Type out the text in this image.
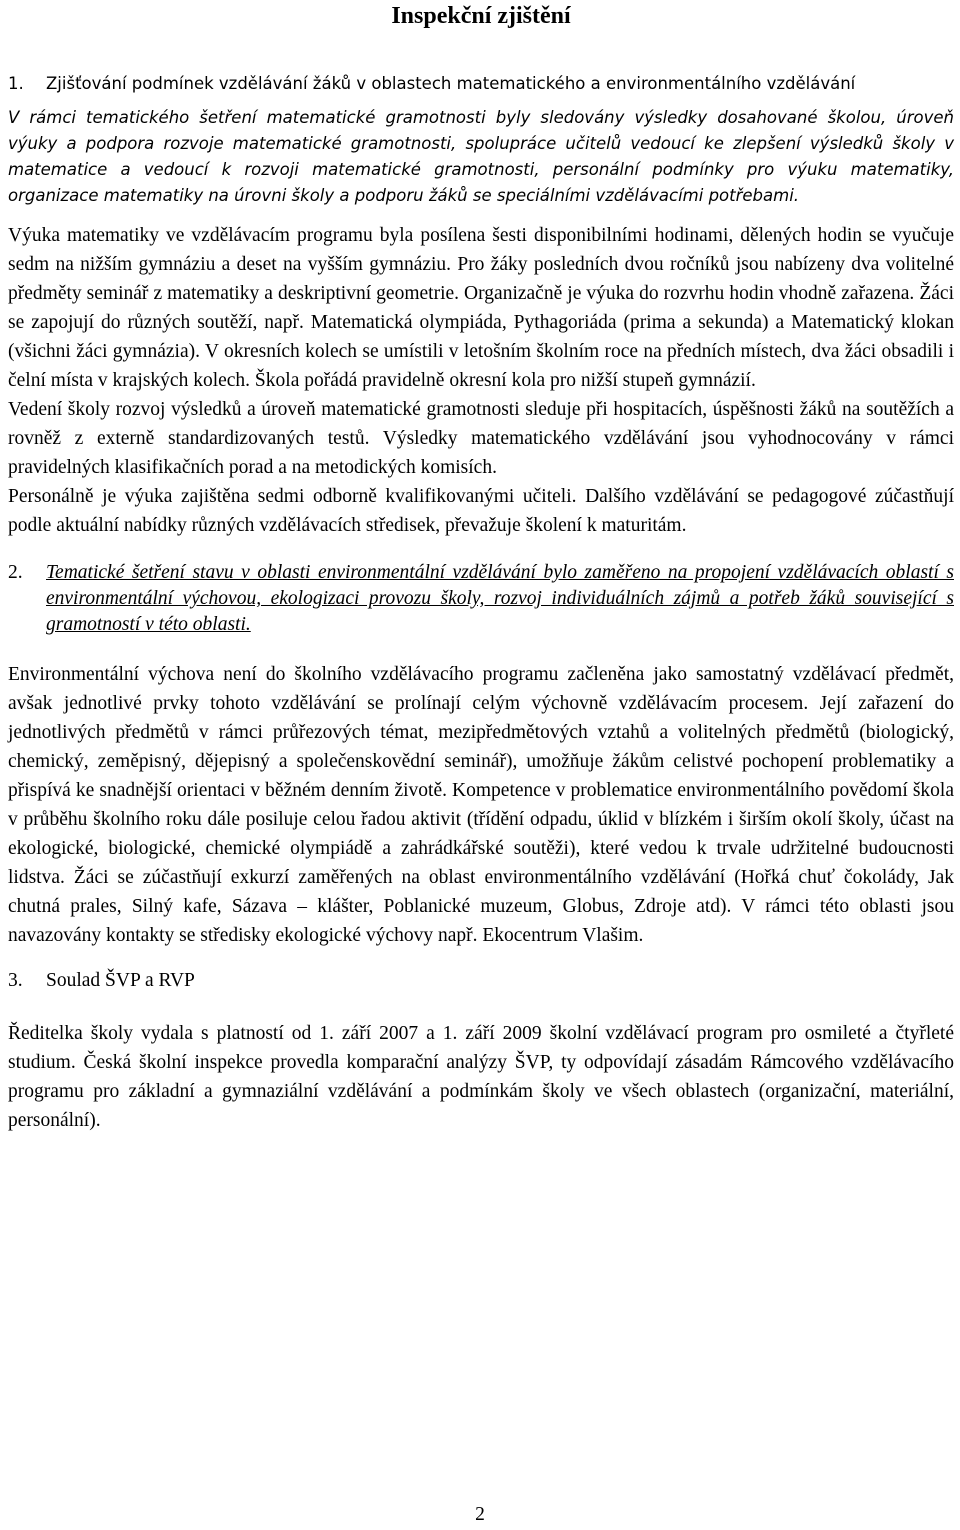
Inspekční zjištění
1. Zjišťování podmínek vzdělávání žáků v oblastech matematického a environmentálního vzdělávání

V rámci tematického šetření matematické gramotnosti byly sledovány výsledky dosahované školou, úroveň výuky a podpora rozvoje matematické gramotnosti, spolupráce učitelů vedoucí ke zlepšení výsledků školy v matematice a vedoucí k rozvoji matematické gramotnosti, personální podmínky pro výuku matematiky, organizace matematiky na úrovni školy a podporu žáků se speciálními vzdělávacími potřebami.

Výuka matematiky ve vzdělávacím programu byla posílena šesti disponibilními hodinami, dělených hodin se vyučuje sedm na nižším gymnáziu a deset na vyšším gymnáziu. Pro žáky posledních dvou ročníků jsou nabízeny dva volitelné předměty seminář z matematiky a deskriptivní geometrie. Organizačně je výuka do rozvrhu hodin vhodně zařazena. Žáci se zapojují do různých soutěží, např. Matematická olympiáda, Pythagoriáda (prima a sekunda) a Matematický klokan (všichni žáci gymnázia). V okresních kolech se umístili v letošním školním roce na předních místech, dva žáci obsadili i čelní místa v krajských kolech. Škola pořádá pravidelně okresní kola pro nižší stupeň gymnázií.

Vedení školy rozvoj výsledků a úroveň matematické gramotnosti sleduje při hospitacích, úspěšnosti žáků na soutěžích a rovněž z externě standardizovaných testů. Výsledky matematického vzdělávání jsou vyhodnocovány v rámci pravidelných klasifikačních porad a na metodických komisích.

Personálně je výuka zajištěna sedmi odborně kvalifikovanými učiteli. Dalšího vzdělávání se pedagogové zúčastňují podle aktuální nabídky různých vzdělávacích středisek, převažuje školení k maturitám.

2.	Tematické šetření stavu v oblasti environmentální vzdělávání bylo zaměřeno na propojení vzdělávacích oblastí s environmentální výchovou, ekologizaci provozu školy, rozvoj individuálních zájmů a potřeb žáků související s gramotností v této oblasti.

Environmentální výchova není do školního vzdělávacího programu začleněna jako samostatný vzdělávací předmět, avšak jednotlivé prvky tohoto vzdělávání se prolínají celým výchovně vzdělávacím procesem. Její zařazení do jednotlivých předmětů v rámci průřezových témat, mezipředmětových vztahů a volitelných předmětů (biologický, chemický, zeměpisný, dějepisný a společenskovědní seminář), umožňuje žákům celistvé pochopení problematiky a přispívá ke snadnější orientaci v běžném denním životě. Kompetence v problematice environmentálního povědomí škola v průběhu školního roku dále posiluje celou řadou aktivit (třídění odpadu, úklid v blízkém i širším okolí školy, účast na ekologické, biologické, chemické olympiádě a zahrádkářské soutěži), které vedou k trvale udržitelné budoucnosti lidstva. Žáci se zúčastňují exkurzí zaměřených na oblast environmentálního vzdělávání (Hořká chuť čokolády, Jak chutná prales, Silný kafe, Sázava – klášter, Poblanické muzeum, Globus, Zdroje atd). V rámci této oblasti jsou navazovány kontakty se středisky ekologické výchovy např. Ekocentrum Vlašim.

3. Soulad ŠVP a RVP

Ředitelka školy vydala s platností od 1. září 2007 a 1. září 2009 školní vzdělávací program pro osmileté a čtyřleté studium. Česká školní inspekce provedla komparační analýzy ŠVP, ty odpovídají zásadám Rámcového vzdělávacího programu pro základní a gymnaziální vzdělávání a podmínkám školy ve všech oblastech (organizační, materiální, personální).

2
